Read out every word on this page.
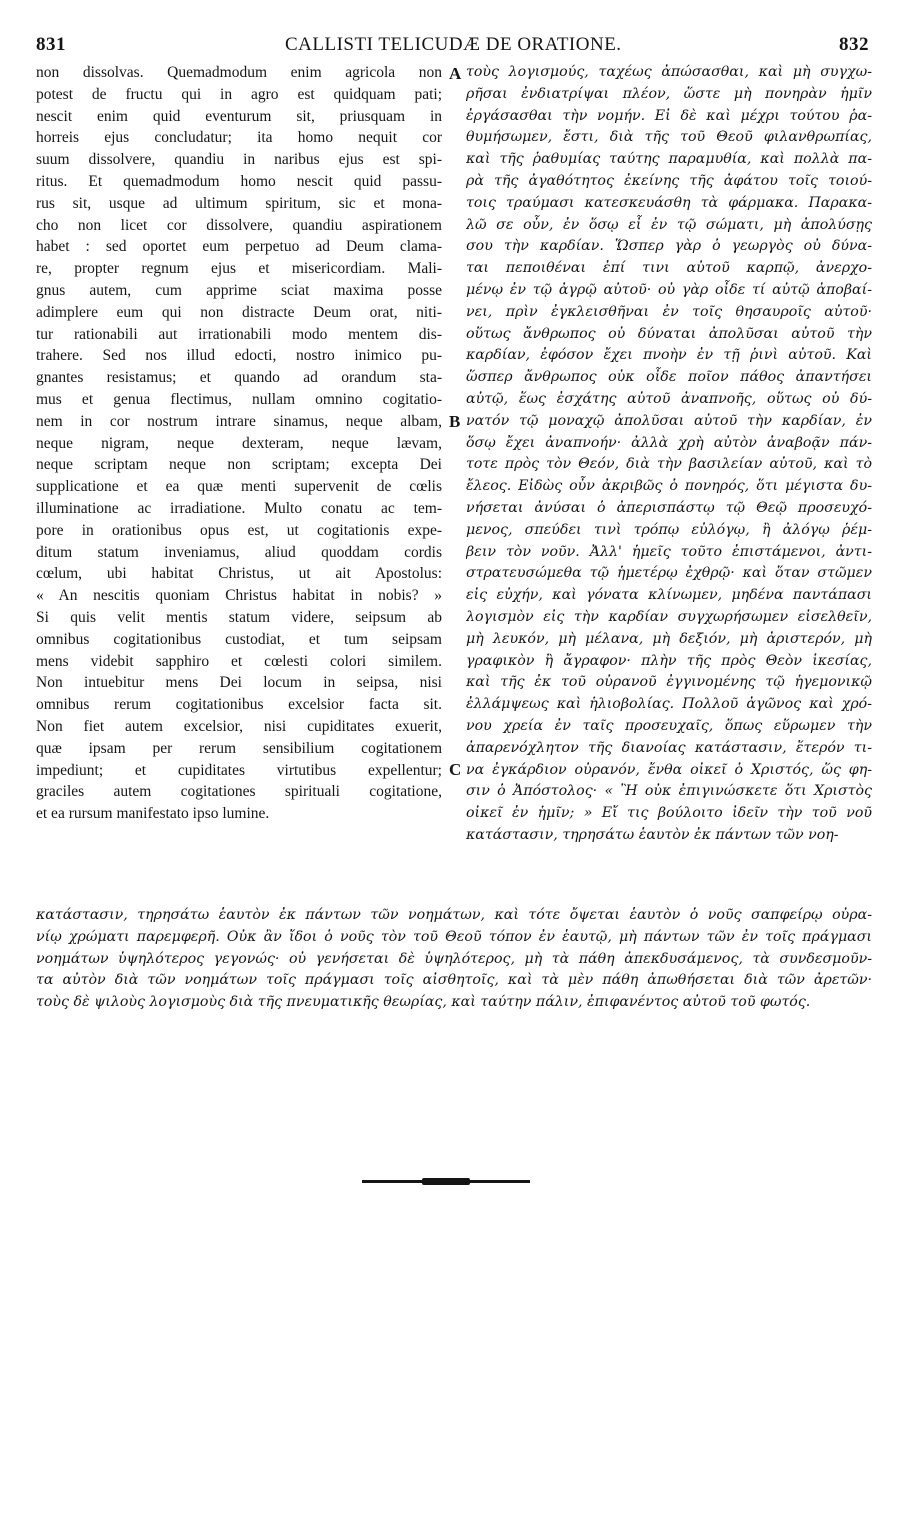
831	CALLISTI TELICUDÆ DE ORATIONE.	832
non dissolvas. Quemadmodum enim agricola non
potest de fructu qui in agro est quidquam pati;
nescit enim quid eventurum sit, priusquam in
horreis ejus concludatur; ita homo nequit cor
suum dissolvere, quandiu in naribus ejus est spi-
ritus. Et quemadmodum homo nescit quid passu-
rus sit, usque ad ultimum spiritum, sic et mona-
cho non licet cor dissolvere, quandiu aspirationem
habet : sed oportet eum perpetuo ad Deum clama-
re, propter regnum ejus et misericordiam. Mali-
gnus autem, cum apprime sciat maxima posse
adimplere eum qui non distracte Deum orat, niti-
tur rationabili aut irrationabili modo mentem dis-
trahere. Sed nos illud edocti, nostro inimico pu-
gnantes resistamus; et quando ad orandum sta-
mus et genua flectimus, nullam omnino cogitatio-
nem in cor nostrum intrare sinamus, neque albam,
neque nigram, neque dexteram, neque lævam,
neque scriptam neque non scriptam; excepta Dei
supplicatione et ea quæ menti supervenit de cœlis
illuminatione ac irradiatione. Multo conatu ac tem-
pore in orationibus opus est, ut cogitationis expe-
ditum statum inveniamus, aliud quoddam cordis
cœlum, ubi habitat Christus, ut ait Apostolus:
« An nescitis quoniam Christus habitat in nobis? »
Si quis velit mentis statum videre, seipsum ab
omnibus cogitationibus custodiat, et tum seipsam
mens videbit sapphiro et cœlesti colori similem.
Non intuebitur mens Dei locum in seipsa, nisi
omnibus rerum cogitationibus excelsior facta sit.
Non fiet autem excelsior, nisi cupiditates exuerit,
quæ ipsam per rerum sensibilium cogitationem
impediunt; et cupiditates virtutibus expellentur;
graciles autem cogitationes spirituali cogitatione,
et ea rursum manifestato ipso lumine.
A
B
C
τοὺς λογισμούς, ταχέως ἀπώσασθαι, καὶ μὴ συγχω-
ρῆσαι ἐνδιατρίψαι πλέον, ὥστε μὴ πονηρὰν ἡμῖν
ἐργάσασθαι τὴν νομήν. Εἰ δὲ καὶ μέχρι τούτου ῥα-
θυμήσωμεν, ἔστι, διὰ τῆς τοῦ Θεοῦ φιλανθρωπίας,
καὶ τῆς ῥαθυμίας ταύτης παραμυθία, καὶ πολλὰ πα-
ρὰ τῆς ἀγαθότητος ἐκείνης τῆς ἀφάτου τοῖς τοιού-
τοις τραύμασι κατεσκευάσθη τὰ φάρμακα. Παρακα-
λῶ σε οὖν, ἐν ὅσῳ εἶ ἐν τῷ σώματι, μὴ ἀπολύσῃς
σου τὴν καρδίαν. Ὥσπερ γὰρ ὁ γεωργὸς οὐ δύνα-
ται πεποιθέναι ἐπί τινι αὐτοῦ καρπῷ, ἀνερχο-
μένῳ ἐν τῷ ἀγρῷ αὐτοῦ· οὐ γὰρ οἶδε τί αὐτῷ ἀποβαί-
νει, πρὶν ἐγκλεισθῆναι ἐν τοῖς θησαυροῖς αὐτοῦ·
οὕτως ἄνθρωπος οὐ δύναται ἀπολῦσαι αὐτοῦ τὴν
καρδίαν, ἐφόσον ἔχει πνοὴν ἐν τῇ ῥινὶ αὐτοῦ. Καὶ
ὥσπερ ἄνθρωπος οὐκ οἶδε ποῖον πάθος ἀπαντήσει
αὐτῷ, ἕως ἐσχάτης αὐτοῦ ἀναπνοῆς, οὕτως οὐ δύ-
νατόν τῷ μοναχῷ ἀπολῦσαι αὐτοῦ τὴν καρδίαν, ἐν
ὅσῳ ἔχει ἀναπνοήν· ἀλλὰ χρὴ αὐτὸν ἀναβοᾷν πάν-
τοτε πρὸς τὸν Θεόν, διὰ τὴν βασιλείαν αὐτοῦ, καὶ τὸ
ἔλεος. Εἰδὼς οὖν ἀκριβῶς ὁ πονηρός, ὅτι μέγιστα δυ-
νήσεται ἀνύσαι ὁ ἀπερισπάστῳ τῷ Θεῷ προσευχό-
μενος, σπεύδει τινὶ τρόπῳ εὐλόγῳ, ἢ ἀλόγῳ ῥέμ-
βειν τὸν νοῦν. Ἀλλ' ἡμεῖς τοῦτο ἐπιστάμενοι, ἀντι-
στρατευσώμεθα τῷ ἡμετέρῳ ἐχθρῷ· καὶ ὅταν στῶμεν
εἰς εὐχήν, καὶ γόνατα κλίνωμεν, μηδένα παντάπασι
λογισμὸν εἰς τὴν καρδίαν συγχωρήσωμεν εἰσελθεῖν,
μὴ λευκόν, μὴ μέλανα, μὴ δεξιόν, μὴ ἀριστερόν, μὴ
γραφικὸν ἢ ἄγραφον· πλὴν τῆς πρὸς Θεὸν ἱκεσίας,
καὶ τῆς ἐκ τοῦ οὐρανοῦ ἐγγινομένης τῷ ἡγεμονικῷ
ἐλλάμψεως καὶ ἡλιοβολίας. Πολλοῦ ἀγῶνος καὶ χρό-
νου χρεία ἐν ταῖς προσευχαῖς, ὅπως εὕρωμεν τὴν
ἀπαρενόχλητον τῆς διανοίας κατάστασιν, ἕτερόν τι-
να ἐγκάρδιον οὐρανόν, ἔνθα οἰκεῖ ὁ Χριστός, ὥς φη-
σιν ὁ Ἀπόστολος· « Ἢ οὐκ ἐπιγινώσκετε ὅτι Χριστὸς
οἰκεῖ ἐν ἡμῖν; » Εἴ τις βούλοιτο ἰδεῖν τὴν τοῦ νοῦ
κατάστασιν, τηρησάτω ἑαυτὸν ἐκ πάντων τῶν νοη-
κατάστασιν, τηρησάτω ἑαυτὸν ἐκ πάντων τῶν νοημάτων, καὶ τότε ὄψεται ἑαυτὸν ὁ νοῦς σαπφείρῳ οὐρα-
νίῳ χρώματι παρεμφερῆ. Οὐκ ἂν ἴδοι ὁ νοῦς τὸν τοῦ Θεοῦ τόπον ἐν ἑαυτῷ, μὴ πάντων τῶν ἐν τοῖς πράγμασι
νοημάτων ὑψηλότερος γεγονώς· οὐ γενήσεται δὲ ὑψηλότερος, μὴ τὰ πάθη ἀπεκδυσάμενος, τὰ συνδεσμοῦν-
τα αὐτὸν διὰ τῶν νοημάτων τοῖς πράγμασι τοῖς αἰσθητοῖς, καὶ τὰ μὲν πάθη ἀπωθήσεται διὰ τῶν ἀρετῶν·
τοὺς δὲ ψιλοὺς λογισμοὺς διὰ τῆς πνευματικῆς θεωρίας, καὶ ταύτην πάλιν, ἐπιφανέντος αὐτοῦ τοῦ φωτός.
